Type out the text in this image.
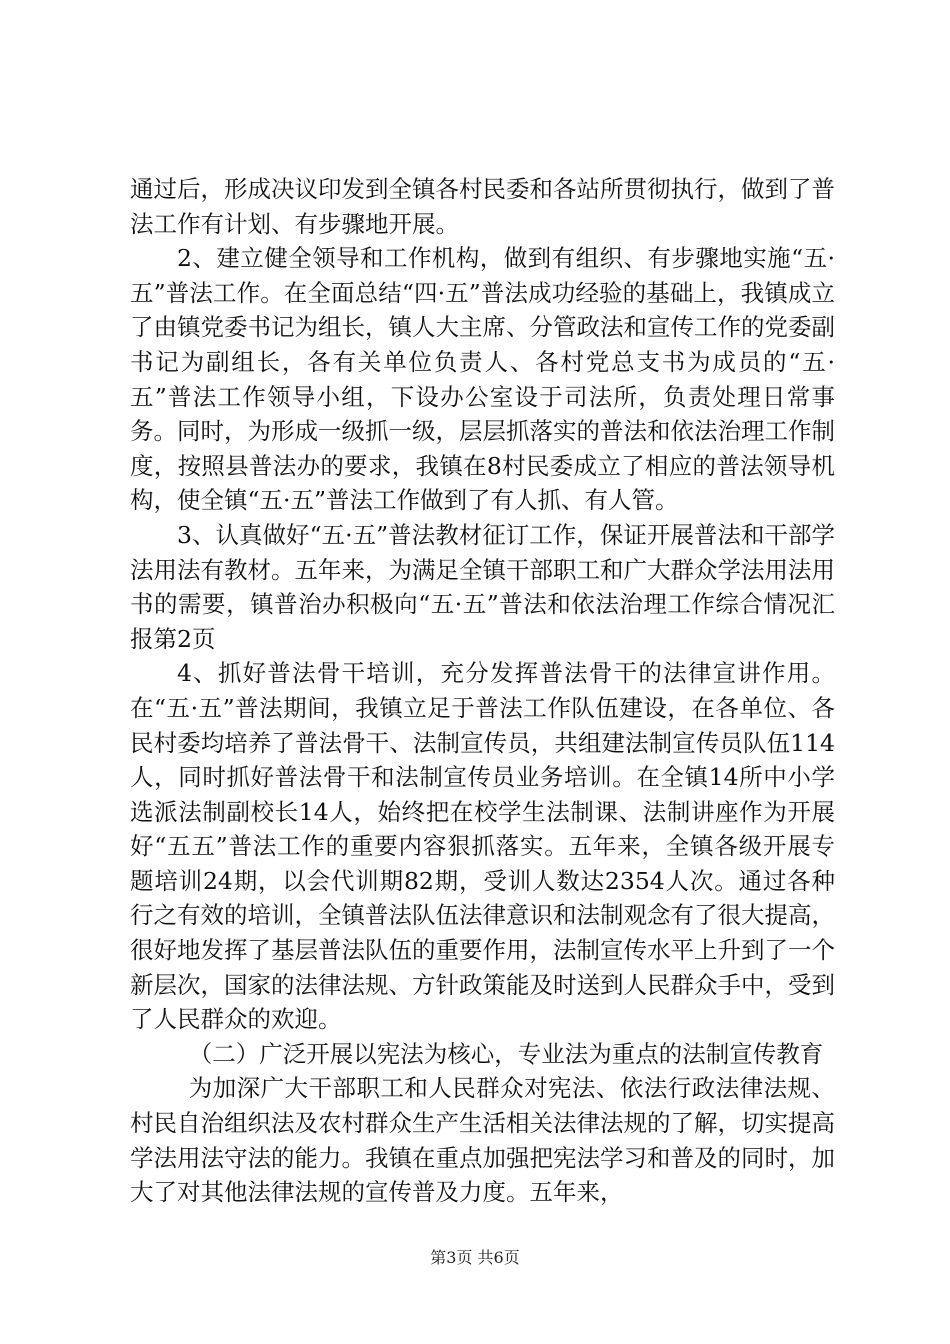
通过后，形成决议印发到全镇各村民委和各站所贯彻执行，做到了普法工作有计划、有步骤地开展。

2、建立健全领导和工作机构，做到有组织、有步骤地实施“五·五”普法工作。在全面总结“四·五”普法成功经验的基础上，我镇成立了由镇党委书记为组长，镇人大主席、分管政法和宣传工作的党委副书记为副组长，各有关单位负责人、各村党总支书为成员的“五·五”普法工作领导小组，下设办公室设于司法所，负责处理日常事务。同时，为形成一级抓一级，层层抓落实的普法和依法治理工作制度，按照县普法办的要求，我镇在8村民委成立了相应的普法领导机构，使全镇“五·五”普法工作做到了有人抓、有人管。

3、认真做好“五·五”普法教材征订工作，保证开展普法和干部学法用法有教材。五年来，为满足全镇干部职工和广大群众学法用法用书的需要，镇普治办积极向“五·五”普法和依法治理工作综合情况汇报第2页

4、抓好普法骨干培训，充分发挥普法骨干的法律宣讲作用。在“五·五”普法期间，我镇立足于普法工作队伍建设，在各单位、各民村委均培养了普法骨干、法制宣传员，共组建法制宣传员队伍114人，同时抓好普法骨干和法制宣传员业务培训。在全镇14所中小学选派法制副校长14人，始终把在校学生法制课、法制讲座作为开展好“五五”普法工作的重要内容狠抓落实。五年来，全镇各级开展专题培训24期，以会代训期82期，受训人数达2354人次。通过各种行之有效的培训，全镇普法队伍法律意识和法制观念有了很大提高，很好地发挥了基层普法队伍的重要作用，法制宣传水平上升到了一个新层次，国家的法律法规、方针政策能及时送到人民群众手中，受到了人民群众的欢迎。

（二）广泛开展以宪法为核心，专业法为重点的法制宣传教育

为加深广大干部职工和人民群众对宪法、依法行政法律法规、村民自治组织法及农村群众生产生活相关法律法规的了解，切实提高学法用法守法的能力。我镇在重点加强把宪法学习和普及的同时，加大了对其他法律法规的宣传普及力度。五年来，

第3页 共6页
